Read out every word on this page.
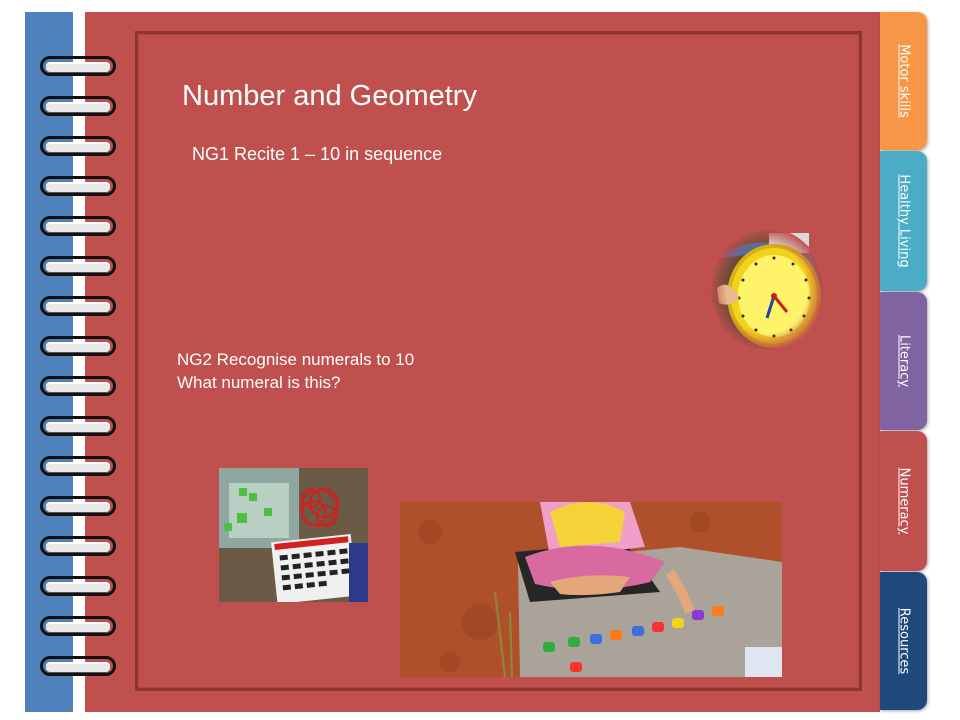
Number and Geometry
NG1 Recite 1 – 10 in sequence
NG2 Recognise numerals to 10
What numeral is this?
Motor skills
Healthy Living
Literacy
Numeracy
Resources
